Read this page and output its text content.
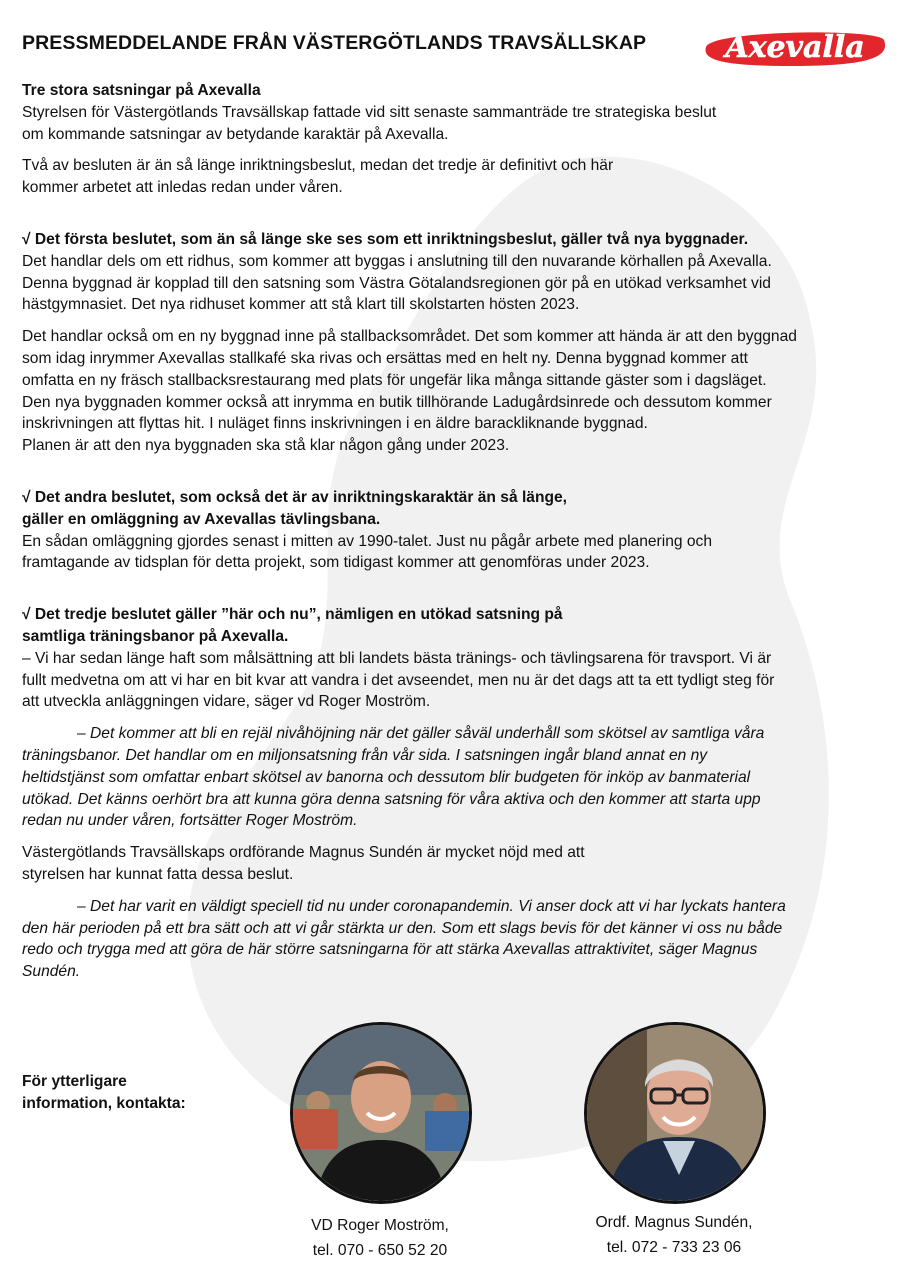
PRESSMEDDELANDE FRÅN VÄSTERGÖTLANDS TRAVSÄLLSKAP	Axevalla

Tre stora satsningar på Axevalla

Styrelsen för Västergötlands Travsällskap fattade vid sitt senaste sammanträde tre strategiska beslut
om kommande satsningar av betydande karaktär på Axevalla.

Två av besluten är än så länge inriktningsbeslut, medan det tredje är definitivt och här
kommer arbetet att inledas redan under våren.

√ Det första beslutet, som än så länge ske ses som ett inriktningsbeslut, gäller två nya byggnader.

Det handlar dels om ett ridhus, som kommer att byggas i anslutning till den nuvarande körhallen på Axevalla.
Denna byggnad är kopplad till den satsning som Västra Götalandsregionen gör på en utökad verksamhet vid
hästgymnasiet. Det nya ridhuset kommer att stå klart till skolstarten hösten 2023.

Det handlar också om en ny byggnad inne på stallbacksområdet. Det som kommer att hända är att den byggnad
som idag inrymmer Axevallas stallkafé ska rivas och ersättas med en helt ny. Denna byggnad kommer att
omfatta en ny fräsch stallbacksrestaurang med plats för ungefär lika många sittande gäster som i dagsläget.
Den nya byggnaden kommer också att inrymma en butik tillhörande Ladugårdsinrede och dessutom kommer
inskrivningen att flyttas hit. I nuläget finns inskrivningen i en äldre barackliknande byggnad.
Planen är att den nya byggnaden ska stå klar någon gång under 2023.

√ Det andra beslutet, som också det är av inriktningskaraktär än så länge,
gäller en omläggning av Axevallas tävlingsbana.

En sådan omläggning gjordes senast i mitten av 1990-talet. Just nu pågår arbete med planering och
framtagande av tidsplan för detta projekt, som tidigast kommer att genomföras under 2023.

√ Det tredje beslutet gäller ”här och nu”, nämligen en utökad satsning på
samtliga träningsbanor på Axevalla.

– Vi har sedan länge haft som målsättning att bli landets bästa tränings- och tävlingsarena för travsport. Vi är
fullt medvetna om att vi har en bit kvar att vandra i det avseendet, men nu är det dags att ta ett tydligt steg för
att utveckla anläggningen vidare, säger vd Roger Moström.

– Det kommer att bli en rejäl nivåhöjning när det gäller såväl underhåll som skötsel av samtliga våra
träningsbanor. Det handlar om en miljonsatsning från vår sida. I satsningen ingår bland annat en ny
heltidstjänst som omfattar enbart skötsel av banorna och dessutom blir budgeten för inköp av banmaterial
utökad. Det känns oerhört bra att kunna göra denna satsning för våra aktiva och den kommer att starta upp
redan nu under våren, fortsätter Roger Moström.

Västergötlands Travsällskaps ordförande Magnus Sundén är mycket nöjd med att
styrelsen har kunnat fatta dessa beslut.

– Det har varit en väldigt speciell tid nu under coronapandemin. Vi anser dock att vi har lyckats hantera
den här perioden på ett bra sätt och att vi går stärkta ur den. Som ett slags bevis för det känner vi oss nu både
redo och trygga med att göra de här större satsningarna för att stärka Axevallas attraktivitet, säger Magnus
Sundén.

För ytterligare
information, kontakta:
VD Roger Moström,
tel. 070 - 650 52 20
Ordf. Magnus Sundén,
tel. 072 - 733 23 06
